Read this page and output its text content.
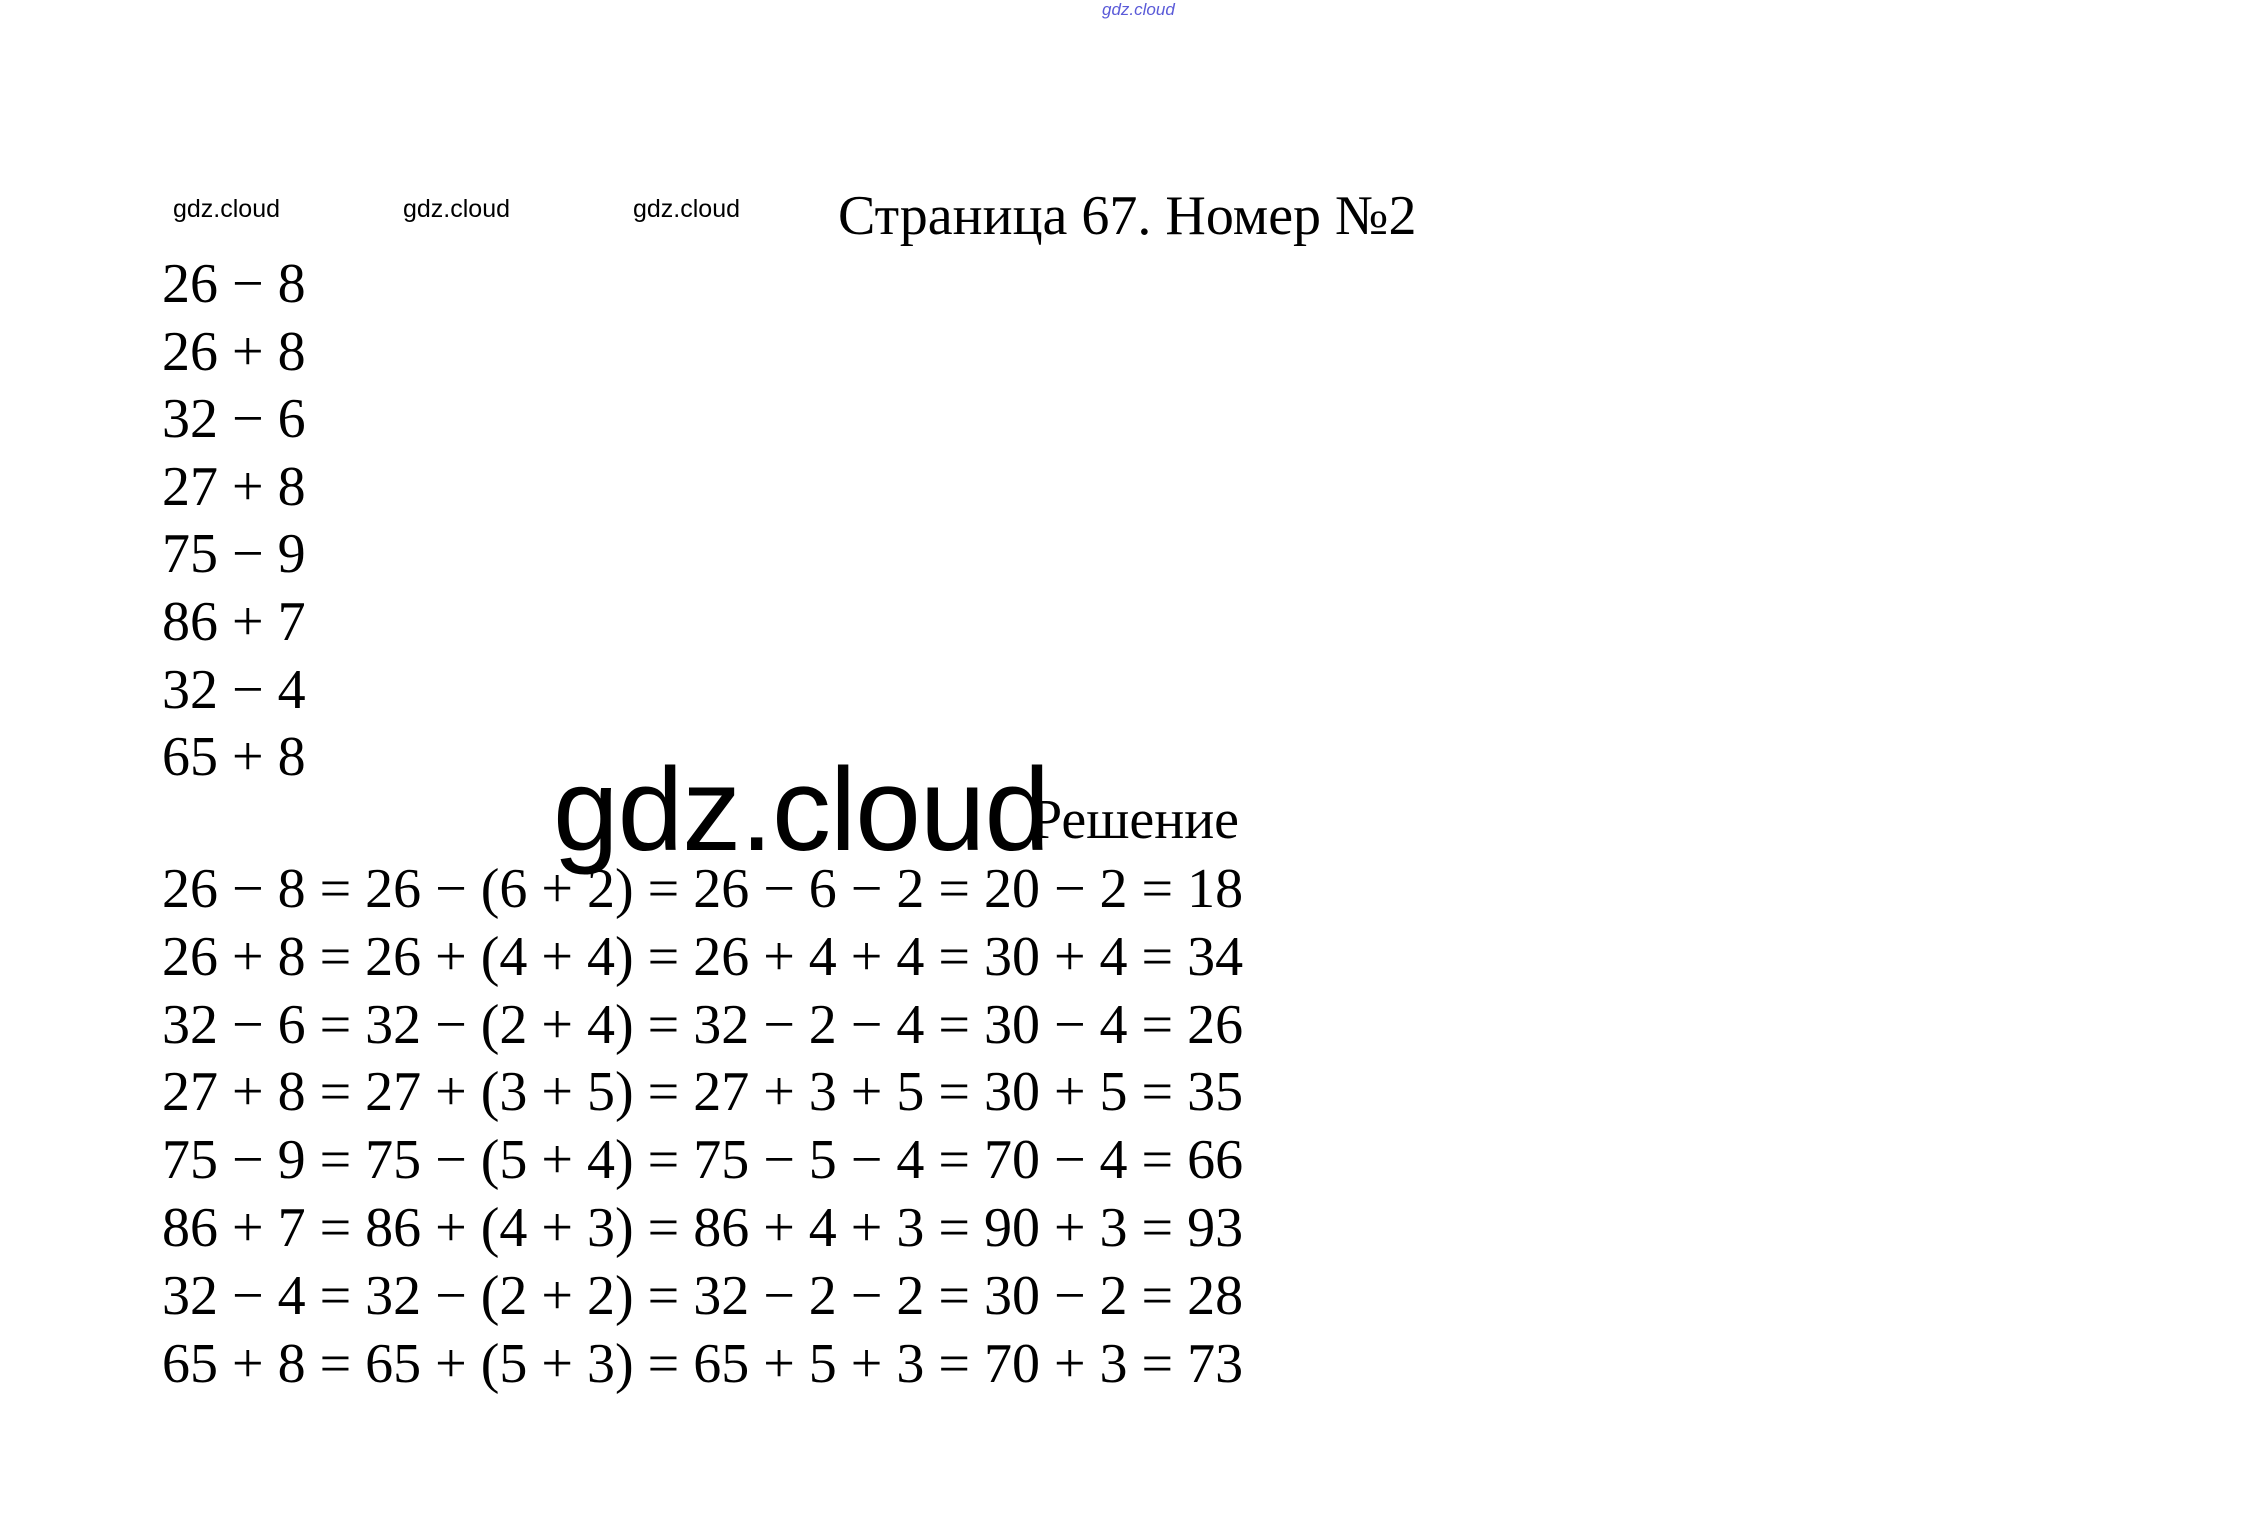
gdz.cloud
gdz.cloud	gdz.cloud	gdz.cloud Страница 67. Номер №2
26 − 8
26 + 8
32 − 6
27 + 8
75 − 9
86 + 7
32 − 4
65 + 8 gdz.cloud
Решение
26 − 8 = 26 − (6 + 2) = 26 − 6 − 2 = 20 − 2 = 18
26 + 8 = 26 + (4 + 4) = 26 + 4 + 4 = 30 + 4 = 34
32 − 6 = 32 − (2 + 4) = 32 − 2 − 4 = 30 − 4 = 26
27 + 8 = 27 + (3 + 5) = 27 + 3 + 5 = 30 + 5 = 35
75 − 9 = 75 − (5 + 4) = 75 − 5 − 4 = 70 − 4 = 66
86 + 7 = 86 + (4 + 3) = 86 + 4 + 3 = 90 + 3 = 93
32 − 4 = 32 − (2 + 2) = 32 − 2 − 2 = 30 − 2 = 28
65 + 8 = 65 + (5 + 3) = 65 + 5 + 3 = 70 + 3 = 73
